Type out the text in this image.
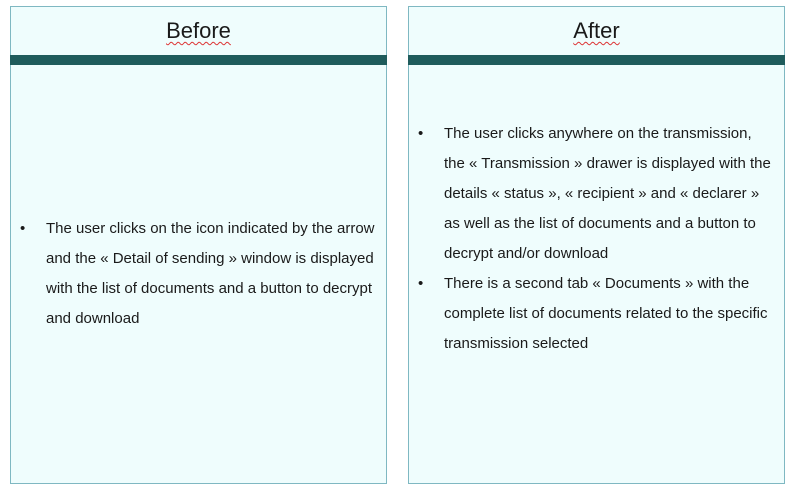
Before
• The user clicks on the icon indicated by the arrow and the « Detail of sending » window is displayed with the list of documents and a button to decrypt and download
After
• The user clicks anywhere on the transmission, the « Transmission » drawer is displayed with the details « status », « recipient » and « declarer » as well as the list of documents and a button to decrypt and/or download
• There is a second tab « Documents » with the complete list of documents related to the specific transmission selected
